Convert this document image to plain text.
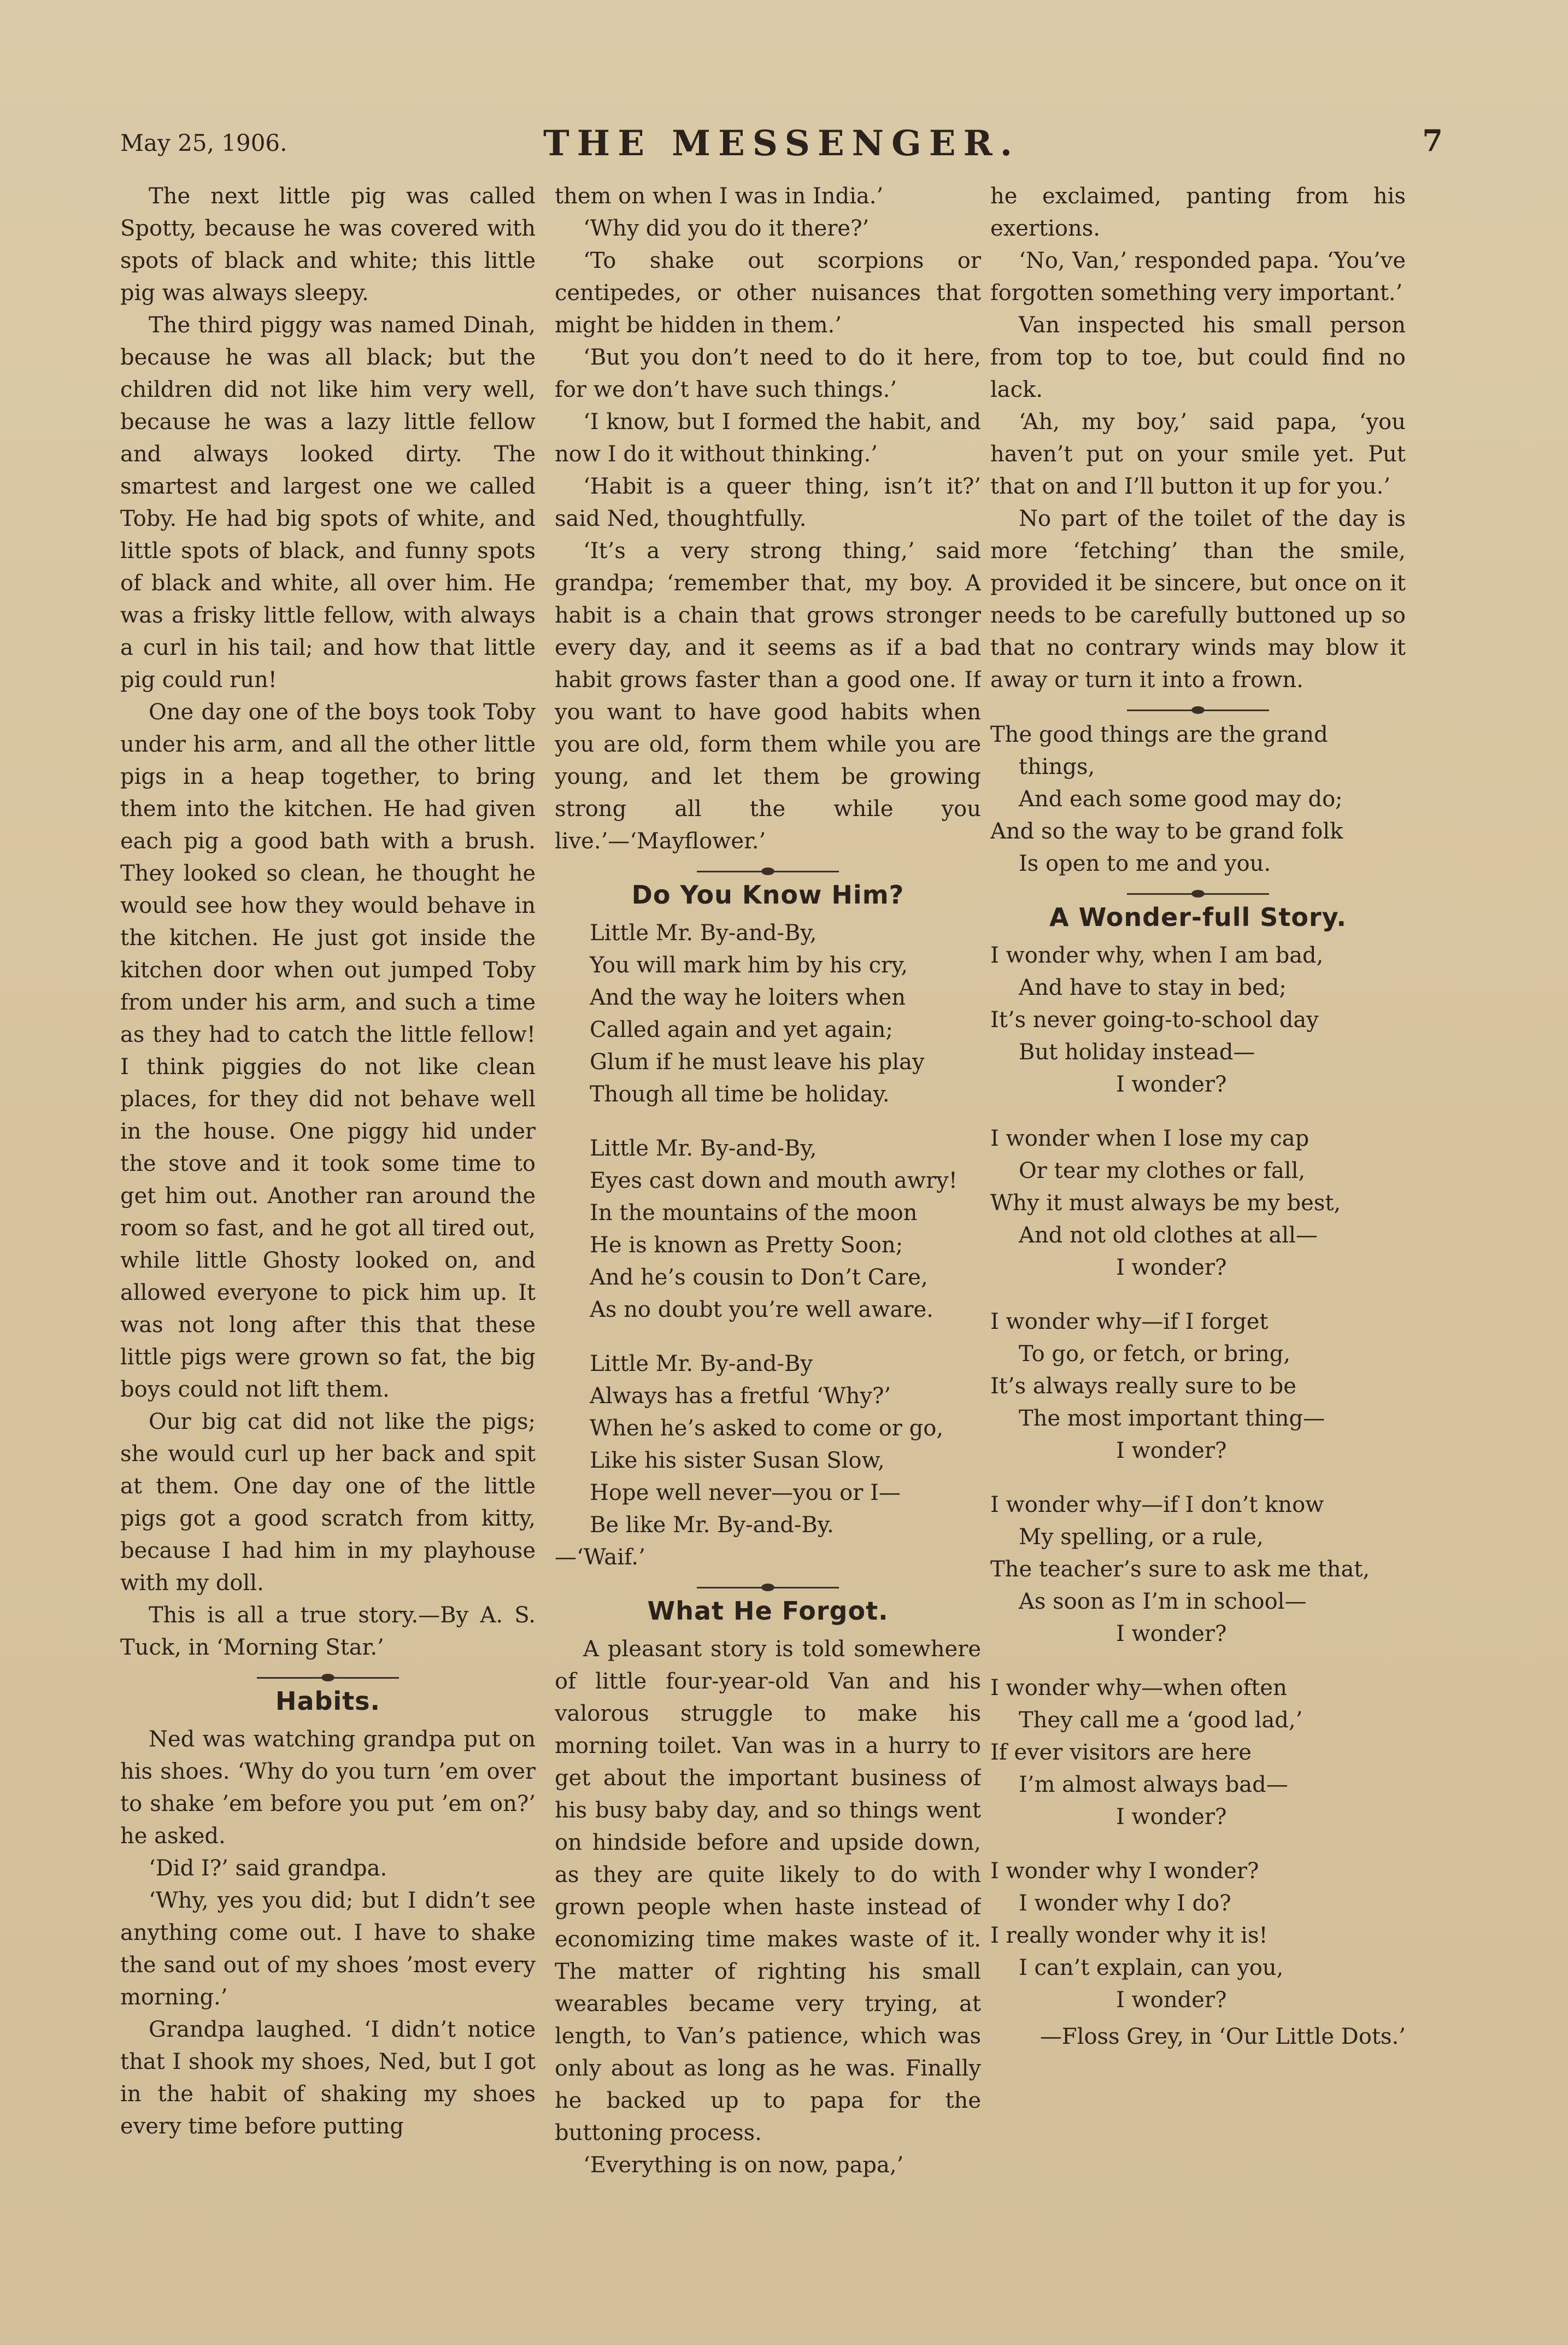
May 25, 1906.	THE MESSENGER.	7

The next little pig was called Spotty, because he was covered with spots of black and white; this little pig was always sleepy.

The third piggy was named Dinah, because he was all black; but the children did not like him very well, because he was a lazy little fellow and always looked dirty. The smartest and largest one we called Toby. He had big spots of white, and little spots of black, and funny spots of black and white, all over him. He was a frisky little fellow, with always a curl in his tail; and how that little pig could run!

One day one of the boys took Toby under his arm, and all the other little pigs in a heap together, to bring them into the kitchen. He had given each pig a good bath with a brush. They looked so clean, he thought he would see how they would behave in the kitchen. He just got inside the kitchen door when out jumped Toby from under his arm, and such a time as they had to catch the little fellow! I think piggies do not like clean places, for they did not behave well in the house. One piggy hid under the stove and it took some time to get him out. Another ran around the room so fast, and he got all tired out, while little Ghosty looked on, and allowed everyone to pick him up. It was not long after this that these little pigs were grown so fat, the big boys could not lift them.

Our big cat did not like the pigs; she would curl up her back and spit at them. One day one of the little pigs got a good scratch from kitty, because I had him in my playhouse with my doll.

This is all a true story.—By A. S. Tuck, in ‘Morning Star.’

Habits.

Ned was watching grandpa put on his shoes. ‘Why do you turn ’em over to shake ’em before you put ’em on?’ he asked.

‘Did I?’ said grandpa.

‘Why, yes you did; but I didn’t see anything come out. I have to shake the sand out of my shoes ’most every morning.’

Grandpa laughed. ‘I didn’t notice that I shook my shoes, Ned, but I got in the habit of shaking my shoes every time before putting

them on when I was in India.’

‘Why did you do it there?’

‘To shake out scorpions or centipedes, or other nuisances that might be hidden in them.’

‘But you don’t need to do it here, for we don’t have such things.’

‘I know, but I formed the habit, and now I do it without thinking.’

‘Habit is a queer thing, isn’t it?’ said Ned, thoughtfully.

‘It’s a very strong thing,’ said grandpa; ‘remember that, my boy. A habit is a chain that grows stronger every day, and it seems as if a bad habit grows faster than a good one. If you want to have good habits when you are old, form them while you are young, and let them be growing strong all the while you live.’—‘Mayflower.’

Do You Know Him?
Little Mr. By-and-By,
You will mark him by his cry,
And the way he loiters when
Called again and yet again;
Glum if he must leave his play
Though all time be holiday.
Little Mr. By-and-By,
Eyes cast down and mouth awry!
In the mountains of the moon
He is known as Pretty Soon;
And he’s cousin to Don’t Care,
As no doubt you’re well aware.
Little Mr. By-and-By
Always has a fretful ‘Why?’
When he’s asked to come or go,
Like his sister Susan Slow,
Hope well never—you or I—
Be like Mr. By-and-By.
—‘Waif.’
What He Forgot.

A pleasant story is told somewhere of little four-year-old Van and his valorous struggle to make his morning toilet. Van was in a hurry to get about the important business of his busy baby day, and so things went on hindside before and upside down, as they are quite likely to do with grown people when haste instead of economizing time makes waste of it. The matter of righting his small wearables became very trying, at length, to Van’s patience, which was only about as long as he was. Finally he backed up to papa for the buttoning process.

‘Everything is on now, papa,’

he exclaimed, panting from his exertions.

‘No, Van,’ responded papa. ‘You’ve forgotten something very important.’

Van inspected his small person from top to toe, but could find no lack.

‘Ah, my boy,’ said papa, ‘you haven’t put on your smile yet. Put that on and I’ll button it up for you.’

No part of the toilet of the day is more ‘fetching’ than the smile, provided it be sincere, but once on it needs to be carefully buttoned up so that no contrary winds may blow it away or turn it into a frown.

The good things are the grand
things,
And each some good may do;
And so the way to be grand folk
Is open to me and you.
A Wonder-full Story.
I wonder why, when I am bad,
And have to stay in bed;
It’s never going-to-school day
But holiday instead—
I wonder?
I wonder when I lose my cap
Or tear my clothes or fall,
Why it must always be my best,
And not old clothes at all—
I wonder?
I wonder why—if I forget
To go, or fetch, or bring,
It’s always really sure to be
The most important thing—
I wonder?
I wonder why—if I don’t know
My spelling, or a rule,
The teacher’s sure to ask me that,
As soon as I’m in school—
I wonder?
I wonder why—when often
They call me a ‘good lad,’
If ever visitors are here
I’m almost always bad—
I wonder?
I wonder why I wonder?
I wonder why I do?
I really wonder why it is!
I can’t explain, can you,
I wonder?
—Floss Grey, in ‘Our Little Dots.’
